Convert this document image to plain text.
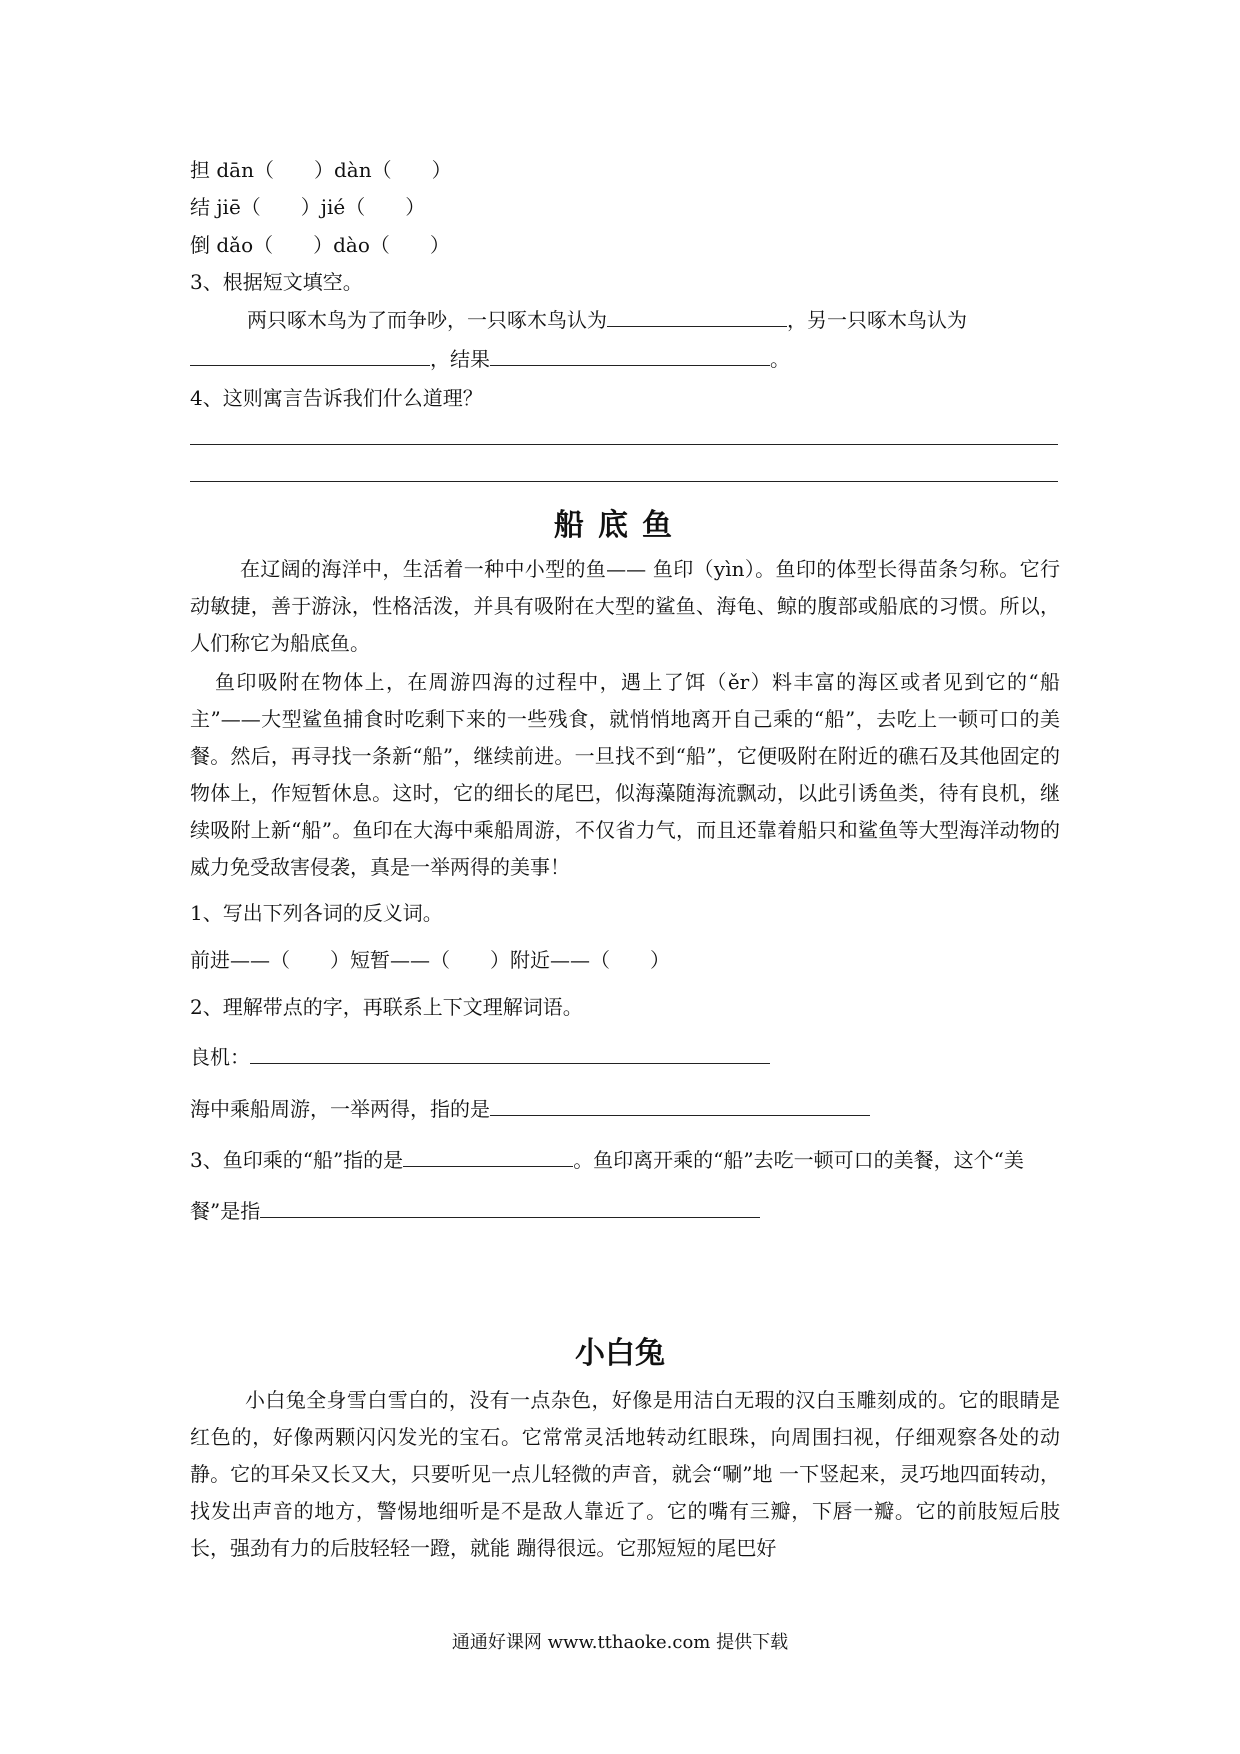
担 dān（　　）dàn（　　）
结 jiē（　　）jié（　　）
倒 dǎo（　　）dào（　　）
3、根据短文填空。
两只啄木鸟为了而争吵，一只啄木鸟认为	，另一只啄木鸟认为
，结果	。
4、这则寓言告诉我们什么道理？
船底鱼
在辽阔的海洋中，生活着一种中小型的鱼—— 鱼印（yìn）。鱼印的体型长得苗条匀称。它行动敏捷，善于游泳，性格活泼，并具有吸附在大型的鲨鱼、海龟、鲸的腹部或船底的习惯。所以，人们称它为船底鱼。
鱼印吸附在物体上，在周游四海的过程中，遇上了饵（ěr）料丰富的海区或者见到它的“船主”——大型鲨鱼捕食时吃剩下来的一些残食，就悄悄地离开自己乘的“船”，去吃上一顿可口的美餐。然后，再寻找一条新“船”，继续前进。一旦找不到“船”，它便吸附在附近的礁石及其他固定的物体上，作短暂休息。这时，它的细长的尾巴，似海藻随海流飘动，以此引诱鱼类，待有良机，继续吸附上新“船”。鱼印在大海中乘船周游，不仅省力气，而且还靠着船只和鲨鱼等大型海洋动物的威力免受敌害侵袭，真是一举两得的美事！
1、写出下列各词的反义词。
前进——（　　）短暂——（　　）附近——（　　）
2、理解带点的字，再联系上下文理解词语。
良机：
海中乘船周游，一举两得，指的是
3、鱼印乘的“船”指的是	。鱼印离开乘的“船”去吃一顿可口的美餐，这个“美
餐”是指
小白兔
小白兔全身雪白雪白的，没有一点杂色，好像是用洁白无瑕的汉白玉雕刻成的。它的眼睛是红色的，好像两颗闪闪发光的宝石。它常常灵活地转动红眼珠，向周围扫视，仔细观察各处的动静。它的耳朵又长又大，只要听见一点儿轻微的声音，就会“唰”地 一下竖起来，灵巧地四面转动，找发出声音的地方，警惕地细听是不是敌人靠近了。它的嘴有三瓣，下唇一瓣。它的前肢短后肢长，强劲有力的后肢轻轻一蹬，就能 蹦得很远。它那短短的尾巴好
通通好课网 www.tthaoke.com 提供下载
